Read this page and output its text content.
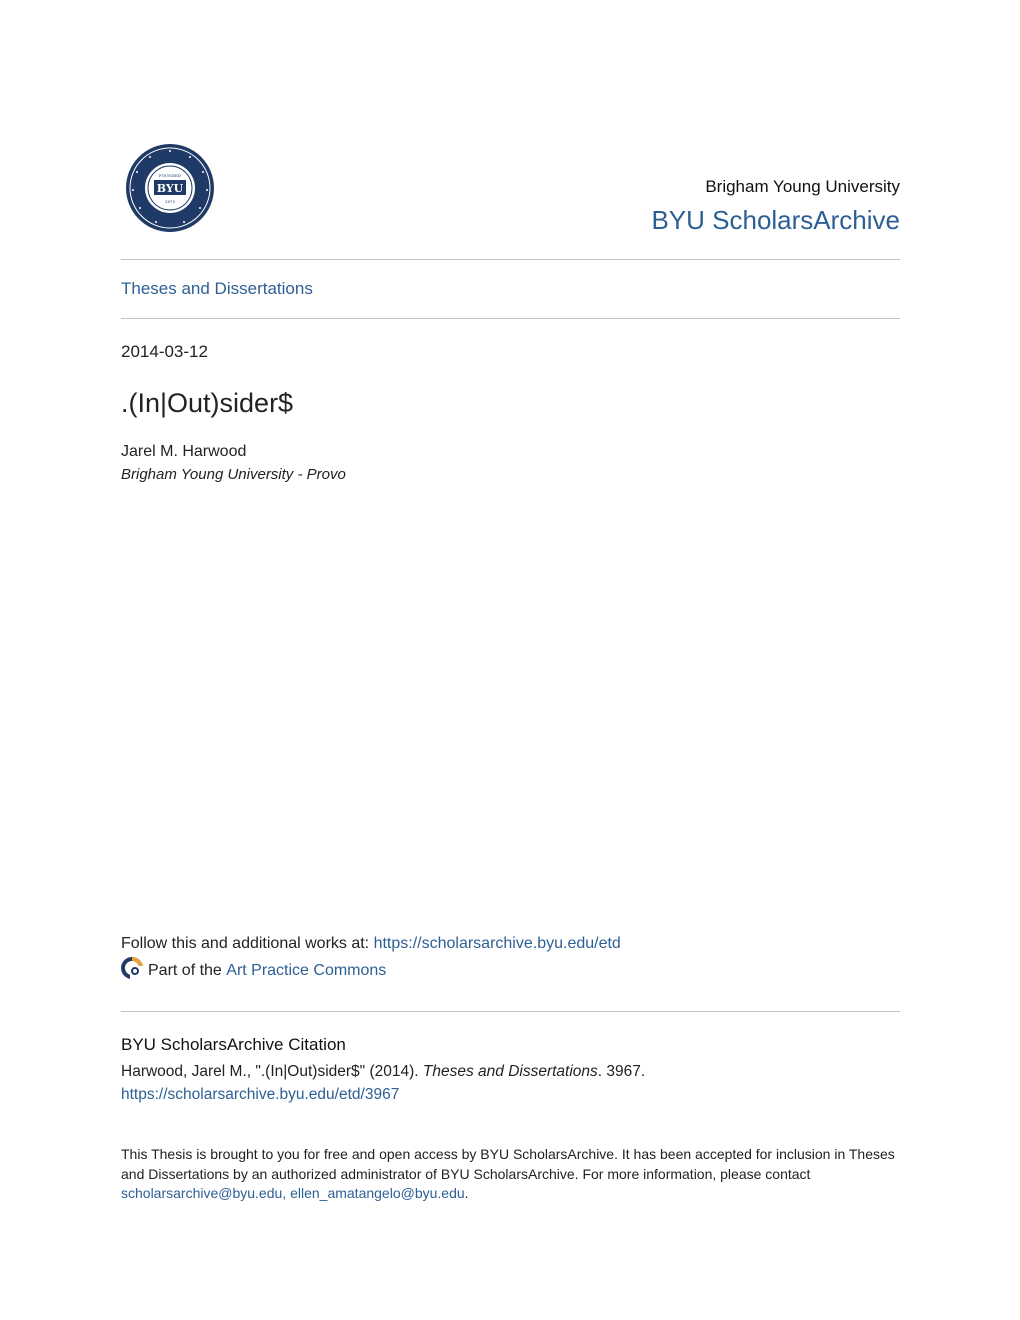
BYU
FOUNDED
1875
Brigham Young University
BYU ScholarsArchive
Theses and Dissertations
2014-03-12
.(In|Out)sider$
Jarel M. Harwood
Brigham Young University - Provo
Follow this and additional works at: https://scholarsarchive.byu.edu/etd
Part of the Art Practice Commons
BYU ScholarsArchive Citation
Harwood, Jarel M., ".(In|Out)sider$" (2014). Theses and Dissertations. 3967.
https://scholarsarchive.byu.edu/etd/3967
This Thesis is brought to you for free and open access by BYU ScholarsArchive. It has been accepted for inclusion in Theses and Dissertations by an authorized administrator of BYU ScholarsArchive. For more information, please contact scholarsarchive@byu.edu, ellen_amatangelo@byu.edu.
